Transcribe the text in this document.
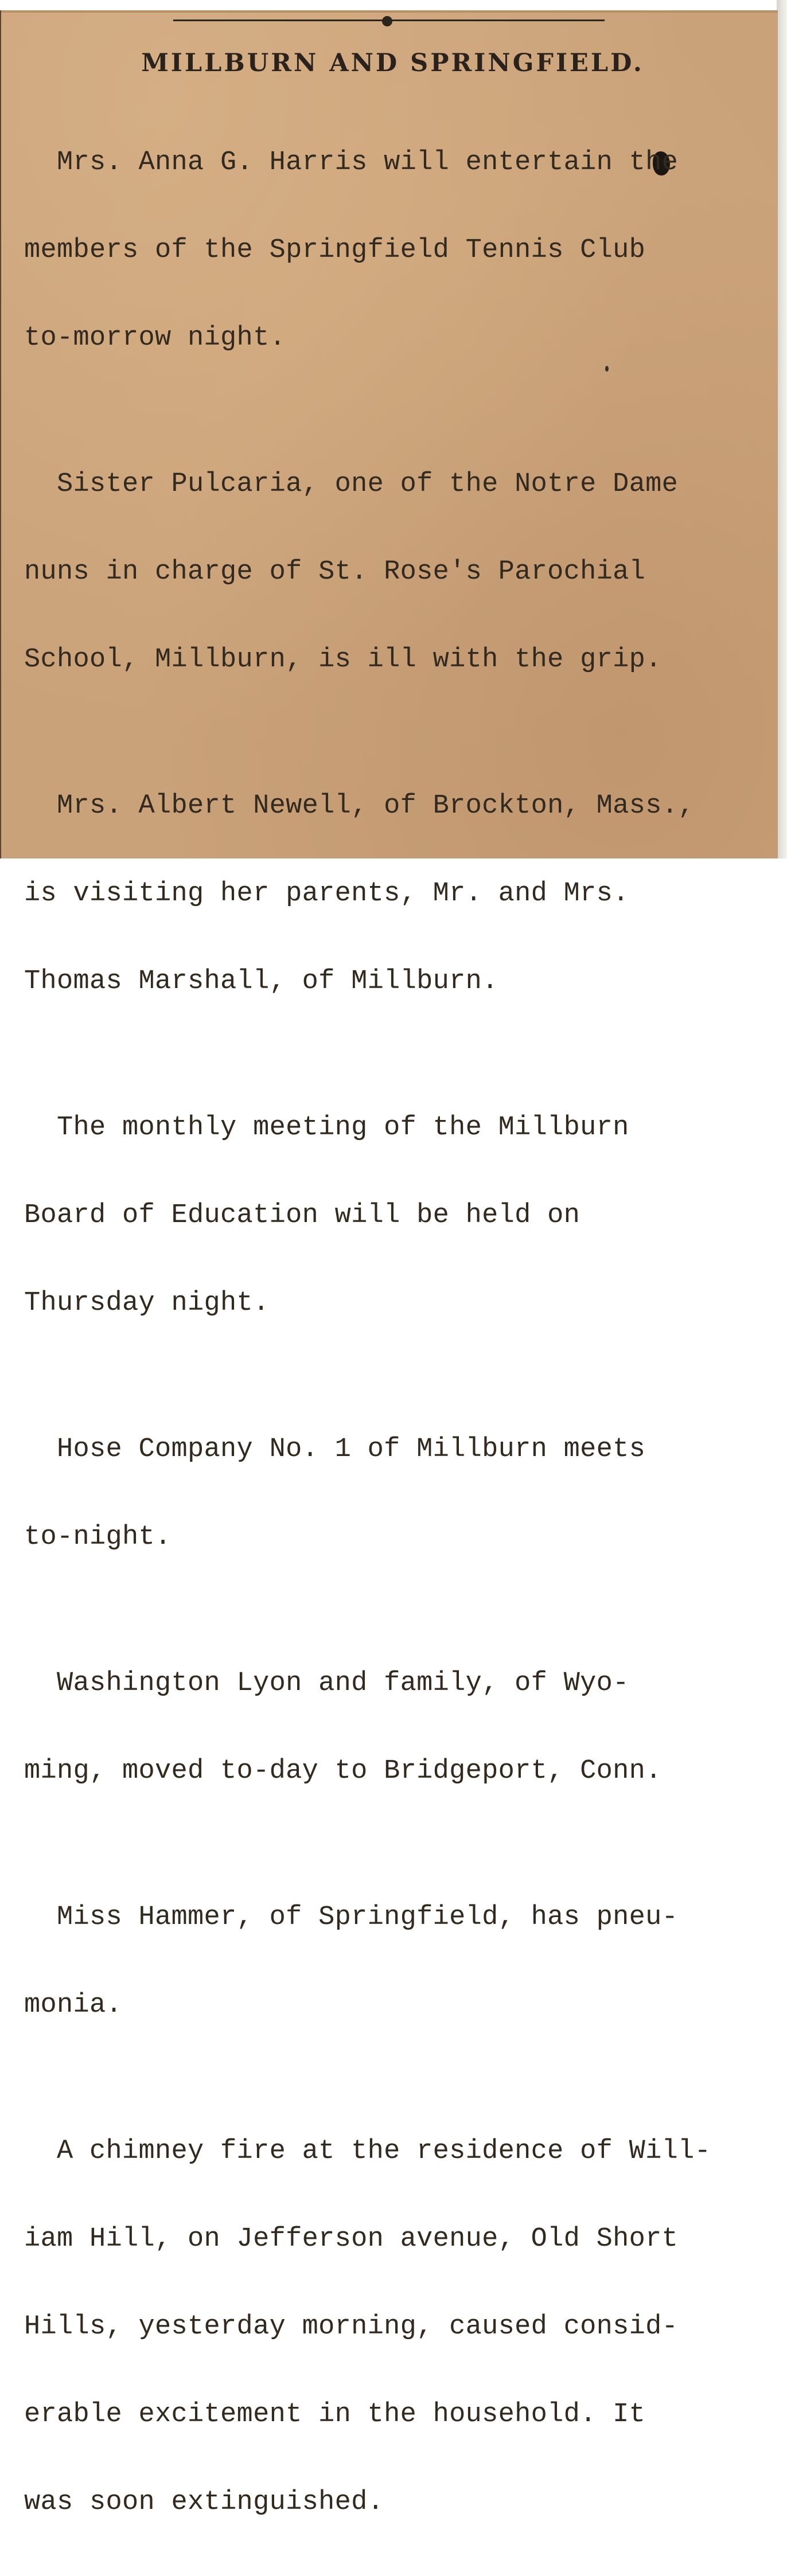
MILLBURN AND SPRINGFIELD.

Mrs. Anna G. Harris will entertain the

members of the Springfield Tennis Club

to-morrow night.

Sister Pulcaria, one of the Notre Dame

nuns in charge of St. Rose's Parochial

School, Millburn, is ill with the grip.

Mrs. Albert Newell, of Brockton, Mass.,

is visiting her parents, Mr. and Mrs.

Thomas Marshall, of Millburn.

The monthly meeting of the Millburn

Board of Education will be held on

Thursday night.

Hose Company No. 1 of Millburn meets

to-night.

Washington Lyon and family, of Wyo-

ming, moved to-day to Bridgeport, Conn.

Miss Hammer, of Springfield, has pneu-

monia.

A chimney fire at the residence of Will-

iam Hill, on Jefferson avenue, Old Short

Hills, yesterday morning, caused consid-

erable excitement in the household. It

was soon extinguished.
